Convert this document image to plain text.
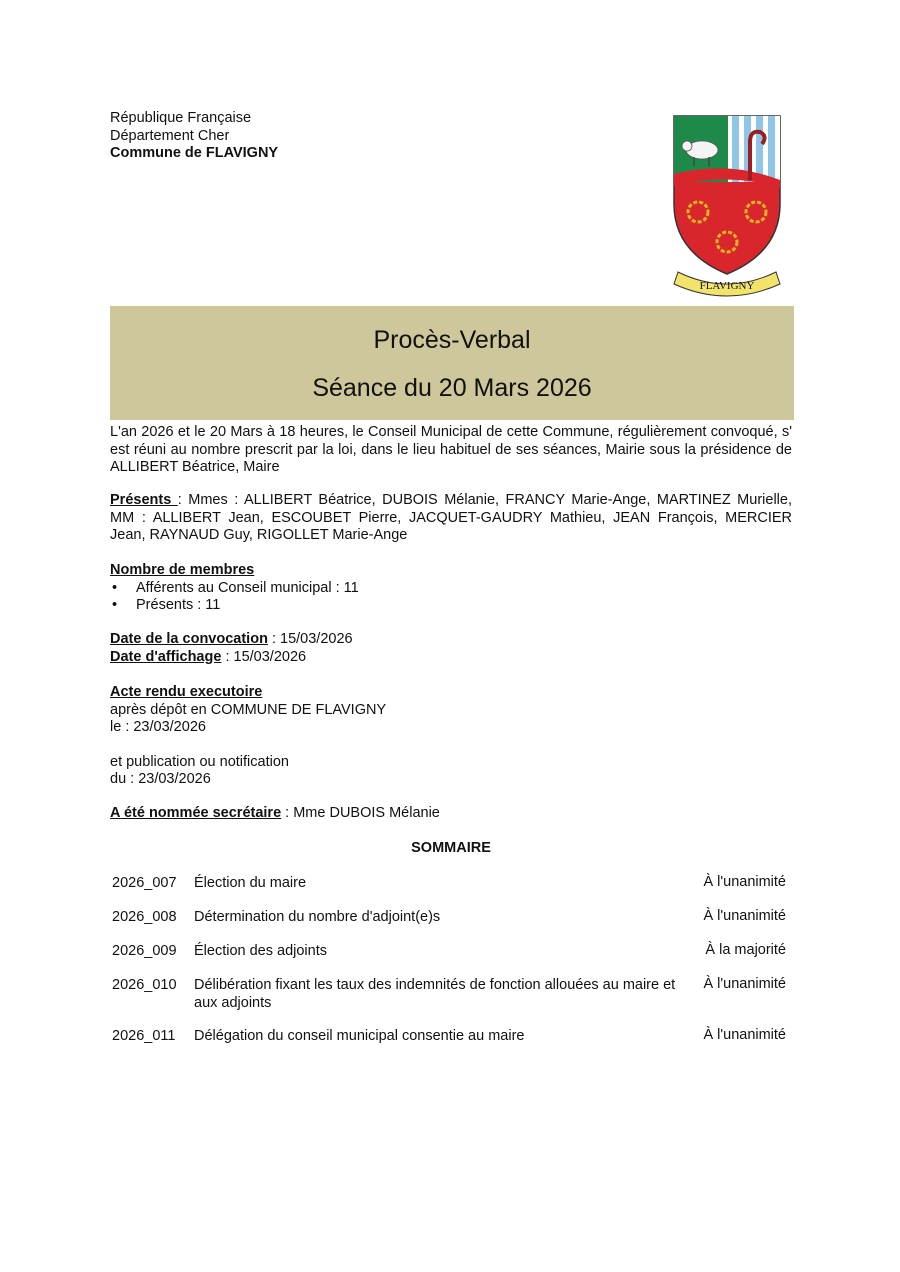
République Française
Département Cher
Commune de FLAVIGNY
FLAVIGNY
Procès-Verbal
Séance du 20 Mars 2026
L'an 2026 et le 20 Mars à 18 heures, le Conseil Municipal de cette Commune, régulièrement convoqué, s' est réuni au nombre prescrit par la loi, dans le lieu habituel de ses séances, Mairie sous la présidence de ALLIBERT Béatrice, Maire
Présents : Mmes : ALLIBERT Béatrice, DUBOIS Mélanie, FRANCY Marie-Ange, MARTINEZ Murielle, MM : ALLIBERT Jean, ESCOUBET Pierre, JACQUET-GAUDRY Mathieu, JEAN François, MERCIER Jean, RAYNAUD Guy, RIGOLLET Marie-Ange
Nombre de membres
• Afférents au Conseil municipal : 11
• Présents : 11
Date de la convocation : 15/03/2026
Date d'affichage : 15/03/2026
Acte rendu executoire
après dépôt en COMMUNE DE FLAVIGNY
le : 23/03/2026
et publication ou notification
du : 23/03/2026
A été nommée secrétaire : Mme DUBOIS Mélanie
SOMMAIRE
2026_007	Élection du maire	À l'unanimité
2026_008	Détermination du nombre d'adjoint(e)s	À l'unanimité
2026_009	Élection des adjoints	À la majorité
2026_010	Délibération fixant les taux des indemnités de fonction allouées au maire et aux adjoints
À l'unanimité
2026_011	Délégation du conseil municipal consentie au maire	À l'unanimité
